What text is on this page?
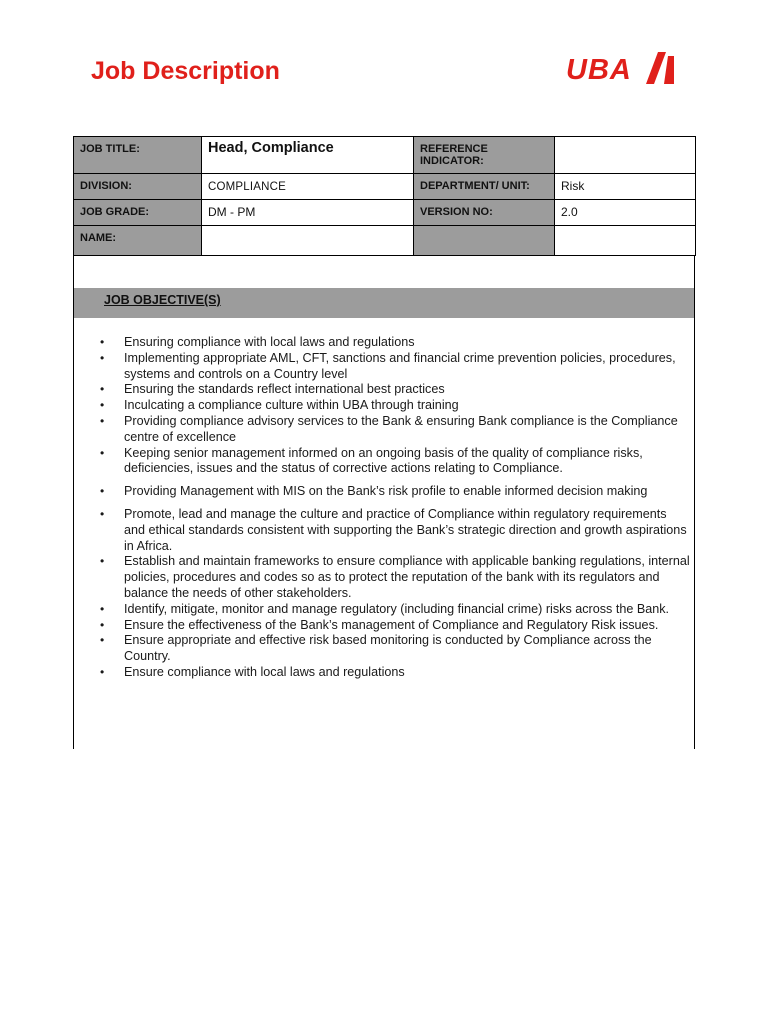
Job Description	UBA
JOB TITLE:	Head, Compliance	REFERENCE INDICATOR:	
DIVISION:	COMPLIANCE	DEPARTMENT/ UNIT:	Risk
JOB GRADE:	DM - PM	VERSION NO:	2.0
NAME:			
JOB OBJECTIVE(S)
• Ensuring compliance with local laws and regulations
• Implementing appropriate AML, CFT, sanctions and financial crime prevention policies, procedures, systems and controls on a Country level
• Ensuring the standards reflect international best practices
• Inculcating a compliance culture within UBA through training
• Providing compliance advisory services to the Bank & ensuring Bank compliance is the Compliance centre of excellence
• Keeping senior management informed on an ongoing basis of the quality of compliance risks, deficiencies, issues and the status of corrective actions relating to Compliance.
• Providing Management with MIS on the Bank’s risk profile to enable informed decision making
• Promote, lead and manage the culture and practice of Compliance within regulatory requirements and ethical standards consistent with supporting the Bank’s strategic direction and growth aspirations in Africa.
• Establish and maintain frameworks to ensure compliance with applicable banking regulations, internal policies, procedures and codes so as to protect the reputation of the bank with its regulators and balance the needs of other stakeholders.
• Identify, mitigate, monitor and manage regulatory (including financial crime) risks across the Bank.
• Ensure the effectiveness of the Bank’s management of Compliance and Regulatory Risk issues.
• Ensure appropriate and effective risk based monitoring is conducted by Compliance across the Country.
• Ensure compliance with local laws and regulations
